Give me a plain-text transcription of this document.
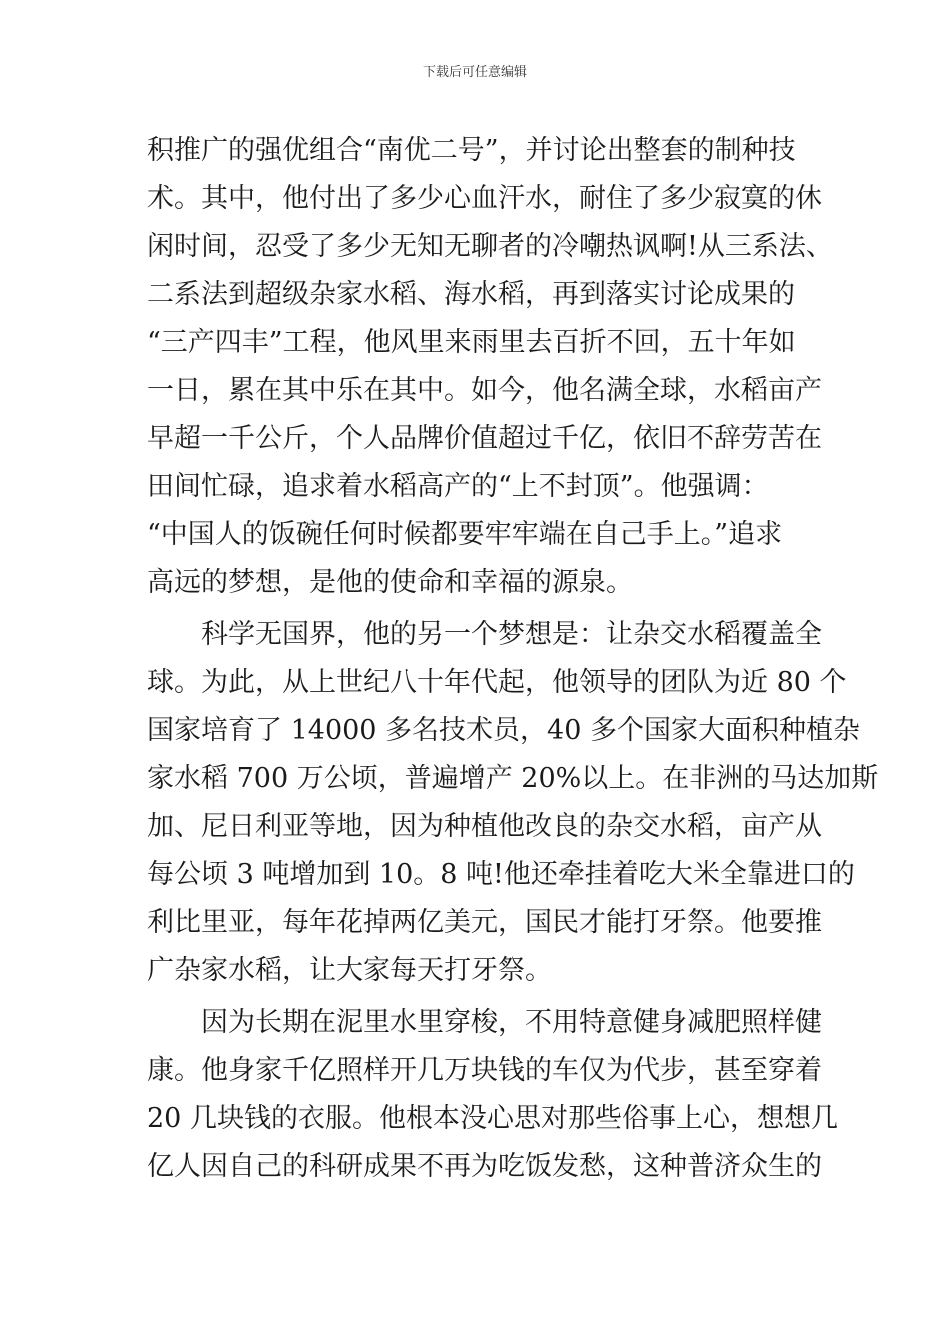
下载后可任意编辑
积推广的强优组合“南优二号”，并讨论出整套的制种技
术。其中，他付出了多少心血汗水，耐住了多少寂寞的休
闲时间，忍受了多少无知无聊者的冷嘲热讽啊!从三系法、
二系法到超级杂家水稻、海水稻，再到落实讨论成果的
“三产四丰”工程，他风里来雨里去百折不回，五十年如
一日，累在其中乐在其中。如今，他名满全球，水稻亩产
早超一千公斤，个人品牌价值超过千亿，依旧不辞劳苦在
田间忙碌，追求着水稻高产的“上不封顶”。他强调：
“中国人的饭碗任何时候都要牢牢端在自己手上。”追求
高远的梦想，是他的使命和幸福的源泉。
科学无国界，他的另一个梦想是：让杂交水稻覆盖全
球。为此，从上世纪八十年代起，他领导的团队为近 80 个
国家培育了 14000 多名技术员，40 多个国家大面积种植杂
家水稻 700 万公顷，普遍增产 20%以上。在非洲的马达加斯
加、尼日利亚等地，因为种植他改良的杂交水稻，亩产从
每公顷 3 吨增加到 10。8 吨!他还牵挂着吃大米全靠进口的
利比里亚，每年花掉两亿美元，国民才能打牙祭。他要推
广杂家水稻，让大家每天打牙祭。
因为长期在泥里水里穿梭，不用特意健身减肥照样健
康。他身家千亿照样开几万块钱的车仅为代步，甚至穿着
20 几块钱的衣服。他根本没心思对那些俗事上心，想想几
亿人因自己的科研成果不再为吃饭发愁，这种普济众生的
